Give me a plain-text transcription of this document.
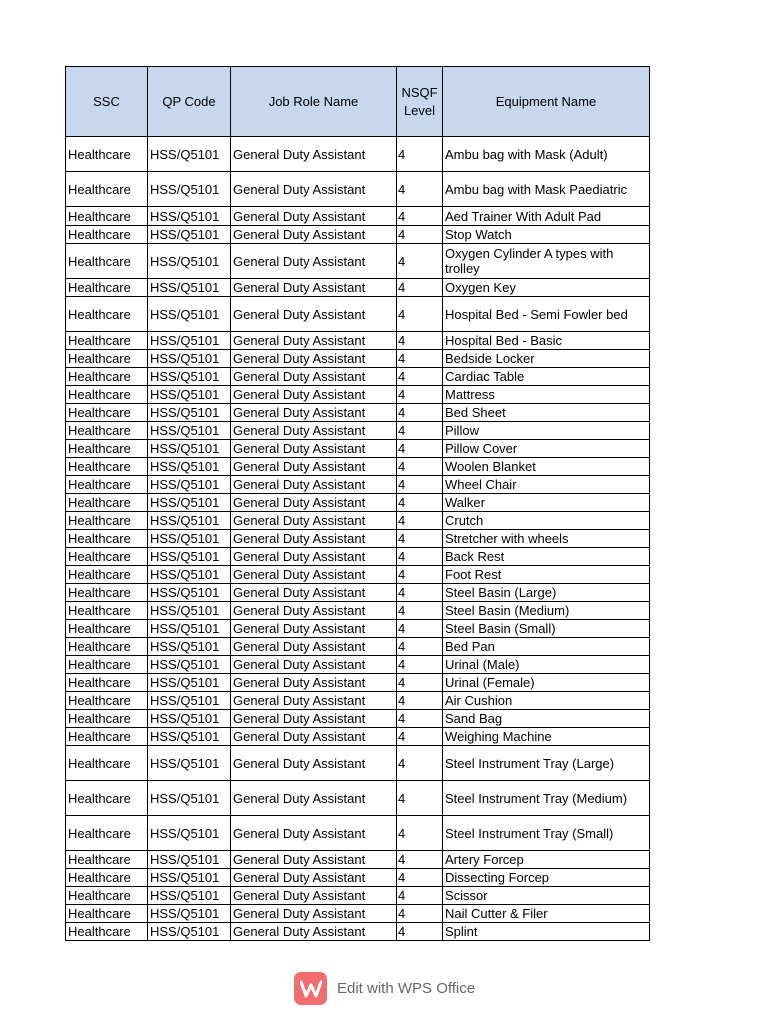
SSC	QP Code	Job Role Name	NSQF Level	Equipment Name
Healthcare	HSS/Q5101	General Duty Assistant	4	Ambu bag with Mask (Adult)
Healthcare	HSS/Q5101	General Duty Assistant	4	Ambu bag with Mask Paediatric
Healthcare	HSS/Q5101	General Duty Assistant	4	Aed Trainer With Adult Pad
Healthcare	HSS/Q5101	General Duty Assistant	4	Stop Watch
Healthcare	HSS/Q5101	General Duty Assistant	4	Oxygen Cylinder A types with trolley
Healthcare	HSS/Q5101	General Duty Assistant	4	Oxygen Key
Healthcare	HSS/Q5101	General Duty Assistant	4	Hospital Bed - Semi Fowler bed
Healthcare	HSS/Q5101	General Duty Assistant	4	Hospital Bed - Basic
Healthcare	HSS/Q5101	General Duty Assistant	4	Bedside Locker
Healthcare	HSS/Q5101	General Duty Assistant	4	Cardiac Table
Healthcare	HSS/Q5101	General Duty Assistant	4	Mattress
Healthcare	HSS/Q5101	General Duty Assistant	4	Bed Sheet
Healthcare	HSS/Q5101	General Duty Assistant	4	Pillow
Healthcare	HSS/Q5101	General Duty Assistant	4	Pillow Cover
Healthcare	HSS/Q5101	General Duty Assistant	4	Woolen Blanket
Healthcare	HSS/Q5101	General Duty Assistant	4	Wheel Chair
Healthcare	HSS/Q5101	General Duty Assistant	4	Walker
Healthcare	HSS/Q5101	General Duty Assistant	4	Crutch
Healthcare	HSS/Q5101	General Duty Assistant	4	Stretcher with wheels
Healthcare	HSS/Q5101	General Duty Assistant	4	Back Rest
Healthcare	HSS/Q5101	General Duty Assistant	4	Foot Rest
Healthcare	HSS/Q5101	General Duty Assistant	4	Steel Basin (Large)
Healthcare	HSS/Q5101	General Duty Assistant	4	Steel Basin (Medium)
Healthcare	HSS/Q5101	General Duty Assistant	4	Steel Basin (Small)
Healthcare	HSS/Q5101	General Duty Assistant	4	Bed Pan
Healthcare	HSS/Q5101	General Duty Assistant	4	Urinal (Male)
Healthcare	HSS/Q5101	General Duty Assistant	4	Urinal (Female)
Healthcare	HSS/Q5101	General Duty Assistant	4	Air Cushion
Healthcare	HSS/Q5101	General Duty Assistant	4	Sand Bag
Healthcare	HSS/Q5101	General Duty Assistant	4	Weighing Machine
Healthcare	HSS/Q5101	General Duty Assistant	4	Steel Instrument Tray (Large)
Healthcare	HSS/Q5101	General Duty Assistant	4	Steel Instrument Tray (Medium)
Healthcare	HSS/Q5101	General Duty Assistant	4	Steel Instrument Tray (Small)
Healthcare	HSS/Q5101	General Duty Assistant	4	Artery Forcep
Healthcare	HSS/Q5101	General Duty Assistant	4	Dissecting Forcep
Healthcare	HSS/Q5101	General Duty Assistant	4	Scissor
Healthcare	HSS/Q5101	General Duty Assistant	4	Nail Cutter & Filer
Healthcare	HSS/Q5101	General Duty Assistant	4	Splint
Edit with WPS Office
